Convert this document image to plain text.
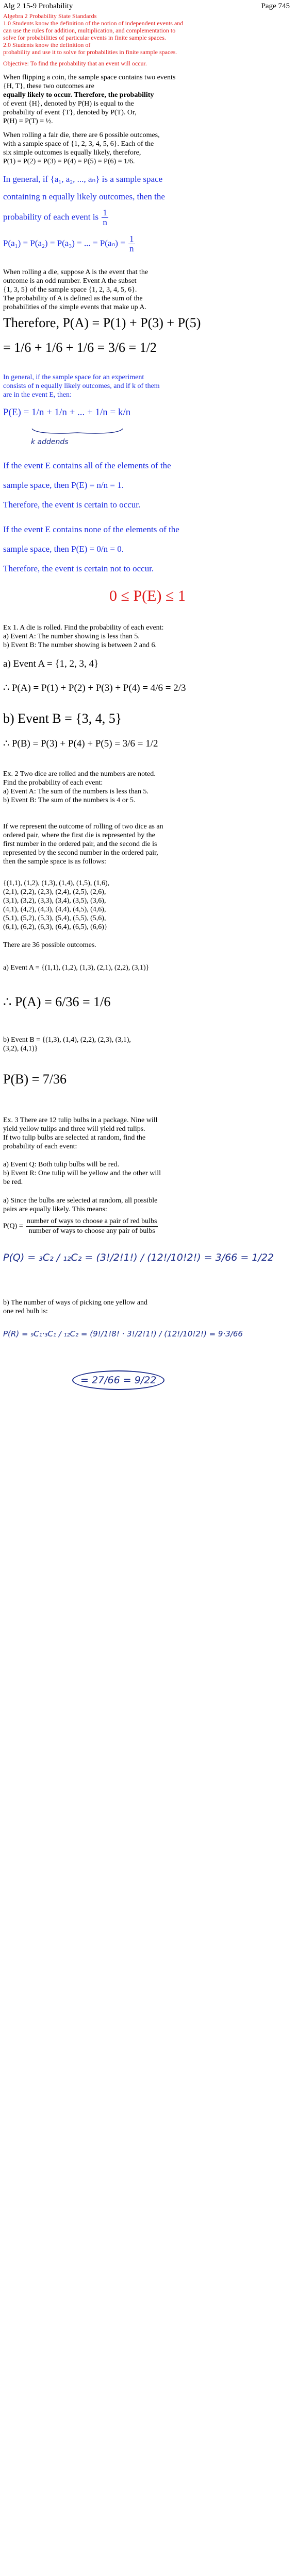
Alg 2 15-9 Probability	Page 745
Algebra 2 Probability State Standards
1.0 Students know the definition of the notion of independent events and
can use the rules for addition, multiplication, and complementation to
solve for probabilities of particular events in finite sample spaces.
2.0 Students know the definition of
probability and use it to solve for probabilities in finite sample spaces.
Objective: To find the probability that an event will occur.
When flipping a coin, the sample space contains two events
{H, T}, these two outcomes are
equally likely to occur. Therefore, the probability
of event {H}, denoted by P(H) is equal to the
probability of event {T}, denoted by P(T). Or,
P(H) = P(T) = ½.
When rolling a fair die, there are 6 possible outcomes,
with a sample space of {1, 2, 3, 4, 5, 6}. Each of the
six simple outcomes is equally likely, therefore,
P(1) = P(2) = P(3) = P(4) = P(5) = P(6) = 1/6.
In general, if {a₁, a₂, ..., aₙ} is a sample space
containing n equally likely outcomes, then the
probability of each event is $\frac{1}{n}$
P(a₁) = P(a₂) = P(a₃) = ... = $P(a_n) = \frac{1}{n}$
When rolling a die, suppose A is the event that the
outcome is an odd number. Event A the subset
{1, 3, 5} of the sample space {1, 2, 3, 4, 5, 6}.
The probability of A is defined as the sum of the
probabilities of the simple events that make up A.
Therefore, P(A) = P(1) + P(3) + P(5)
= 1/6 + 1/6 + 1/6 = 3/6 = 1/2
In general, if the sample space for an experiment
consists of n equally likely outcomes, and if k of them
are in the event E, then:
P(E) = 1/n + 1/n + ... + 1/n = k/n
k addends
If the event E contains all of the elements of the
sample space, then P(E) = n/n = 1.
Therefore, the event is certain to occur.
If the event E contains none of the elements of the
sample space, then P(E) = 0/n = 0.
Therefore, the event is certain not to occur.
0 ≤ P(E) ≤ 1
Ex 1. A die is rolled. Find the probability of each event:
a) Event A: The number showing is less than 5.
b) Event B: The number showing is between 2 and 6.
a) Event A = {1, 2, 3, 4}
∴ P(A) = P(1) + P(2) + P(3) + P(4) = 4/6 = 2/3
b) Event B = {3, 4, 5}
∴ P(B) = P(3) + P(4) + P(5) = 3/6 = 1/2
Ex. 2 Two dice are rolled and the numbers are noted.
Find the probability of each event:
a) Event A: The sum of the numbers is less than 5.
b) Event B: The sum of the numbers is 4 or 5.
If we represent the outcome of rolling of two dice as an
ordered pair, where the first die is represented by the
first number in the ordered pair, and the second die is
represented by the second number in the ordered pair,
then the sample space is as follows:
{(1,1), (1,2), (1,3), (1,4), (1,5), (1,6),
(2,1), (2,2), (2,3), (2,4), (2,5), (2,6),
(3,1), (3,2), (3,3), (3,4), (3,5), (3,6),
(4,1), (4,2), (4,3), (4,4), (4,5), (4,6),
(5,1), (5,2), (5,3), (5,4), (5,5), (5,6),
(6,1), (6,2), (6,3), (6,4), (6,5), (6,6)}
There are 36 possible outcomes.
a) Event A = {(1,1), (1,2), (1,3), (2,1), (2,2), (3,1)}
∴ P(A) = 6/36 = 1/6
b) Event B = {(1,3), (1,4), (2,2), (2,3), (3,1),
(3,2), (4,1)}
P(B) = 7/36
Ex. 3 There are 12 tulip bulbs in a package. Nine will
yield yellow tulips and three will yield red tulips.
If two tulip bulbs are selected at random, find the
probability of each event:
a) Event Q: Both tulip bulbs will be red.
b) Event R: One tulip will be yellow and the other will
be red.
a) Since the bulbs are selected at random, all possible
pairs are equally likely. This means:
$P(Q) = \frac{\text{number of ways to choose a pair of red bulbs}}{\text{number of ways to choose any pair of bulbs}}$
P(Q) = ₃C₂ / ₁₂C₂ = (3!/2!1!) / (12!/10!2!) = 3/66 = 1/22
b) The number of ways of picking one yellow and
one red bulb is:
P(R) = ₉C₁·₃C₁ / ₁₂C₂ = (9!/1!8! · 3!/2!1!) / (12!/10!2!) = 9·3/66
= 27/66 = 9/22
